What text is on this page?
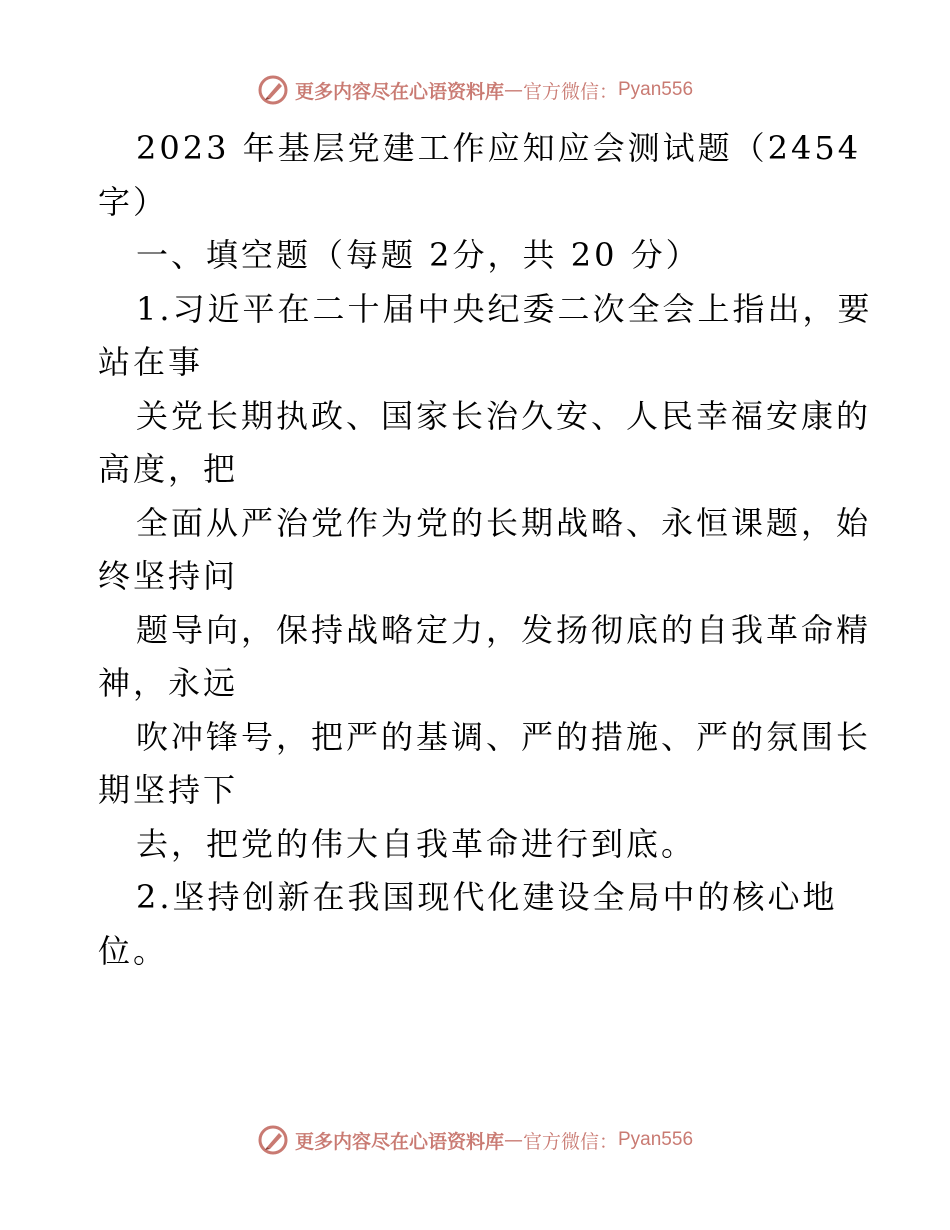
更多内容尽在心语资料库 — 官方微信： Pyan556
2023 年基层党建工作应知应会测试题（2454
字）
一、填空题（每题 2分，共 20 分）
1.习近平在二十届中央纪委二次全会上指出，要
站在事
关党长期执政、国家长治久安、人民幸福安康的
高度，把
全面从严治党作为党的长期战略、永恒课题，始
终坚持问
题导向，保持战略定力，发扬彻底的自我革命精
神，永远
吹冲锋号，把严的基调、严的措施、严的氛围长
期坚持下
去，把党的伟大自我革命进行到底。
2.坚持创新在我国现代化建设全局中的核心地
位。
更多内容尽在心语资料库 — 官方微信： Pyan556
